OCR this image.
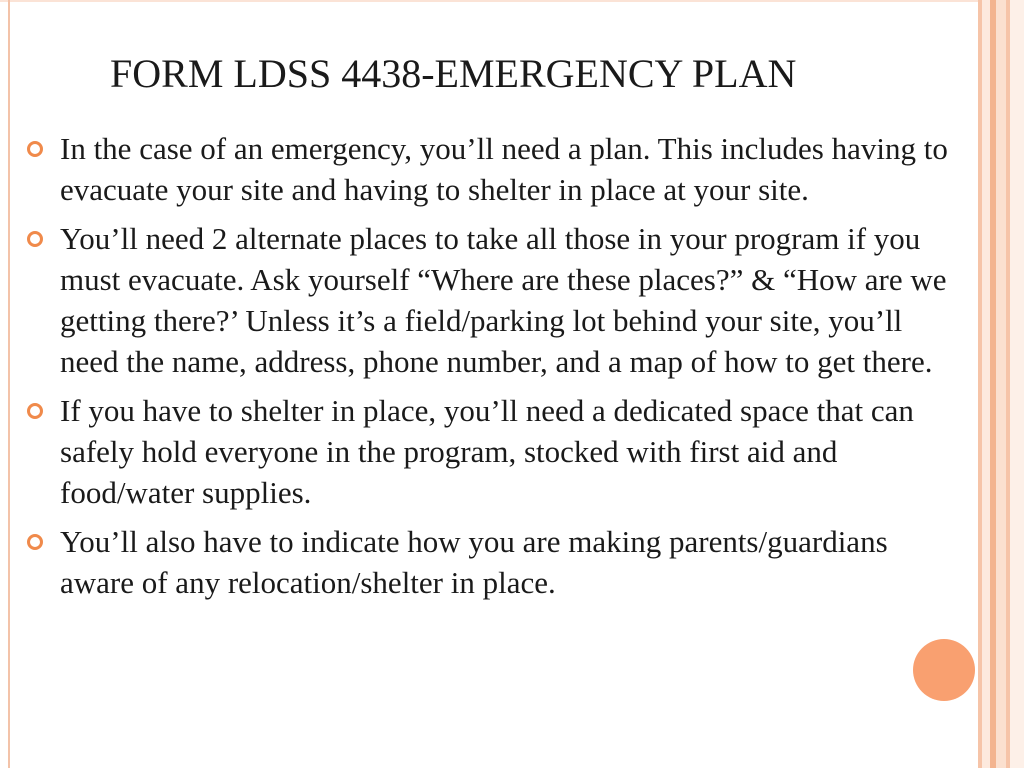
FORM LDSS 4438-EMERGENCY PLAN
In the case of an emergency, you’ll need a plan. This includes having to evacuate your site and having to shelter in place at your site.
You’ll need 2 alternate places to take all those in your program if you must evacuate. Ask yourself “Where are these places?” & “How are we getting there?’ Unless it’s a field/parking lot behind your site, you’ll need the name, address, phone number, and a map of how to get there.
If you have to shelter in place, you’ll need a dedicated space that can safely hold everyone in the program, stocked with first aid and food/water supplies.
You’ll also have to indicate how you are making parents/guardians aware of any relocation/shelter in place.
